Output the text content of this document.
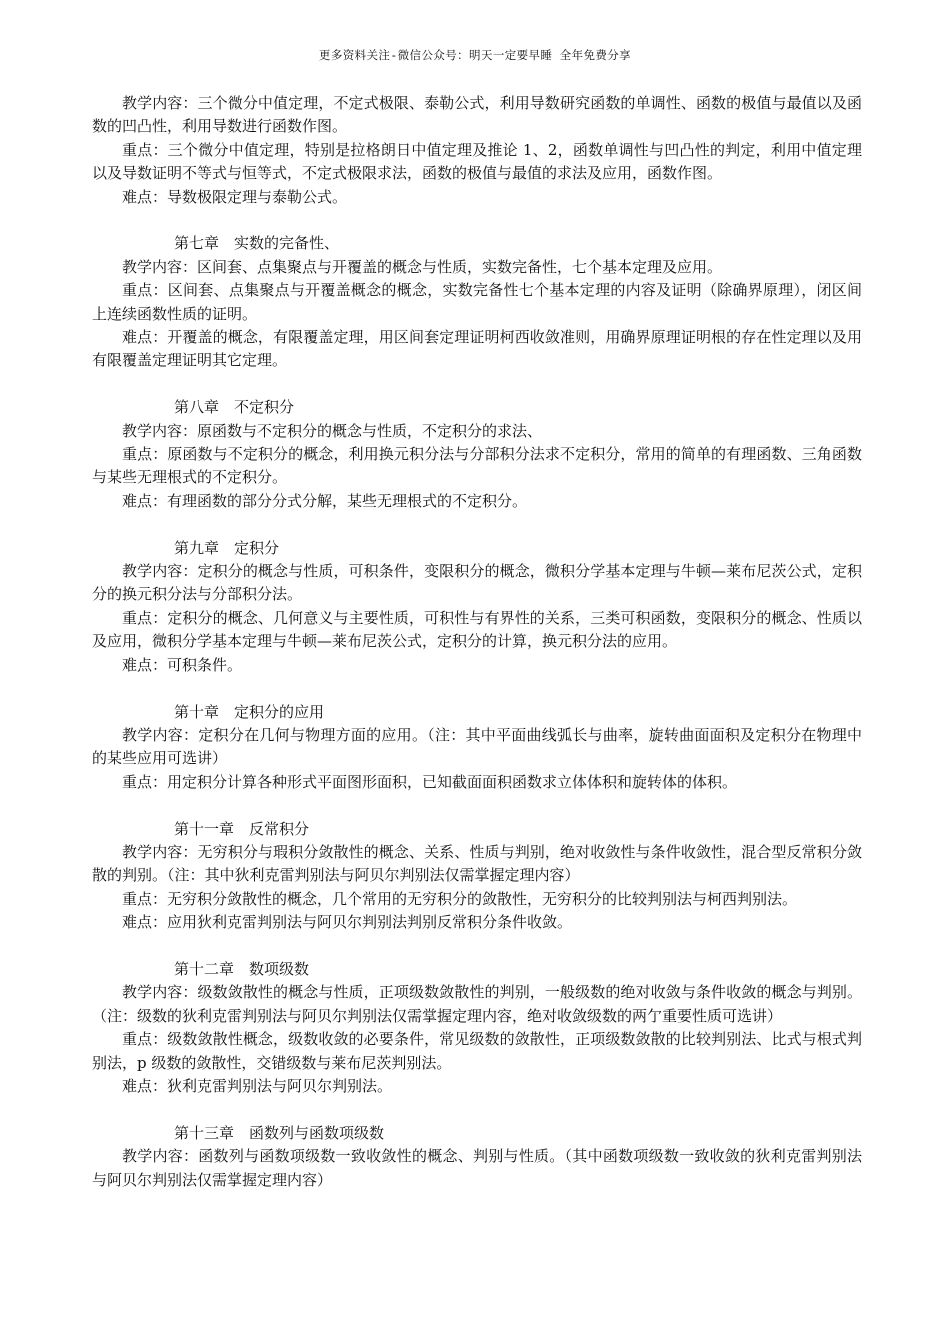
更多资料关注-微信公众号：明天一定要早睡 全年免费分享

教学内容：三个微分中值定理，不定式极限、泰勒公式，利用导数研究函数的单调性、函数的极值与最值以及函数的凹凸性，利用导数进行函数作图。

重点：三个微分中值定理，特别是拉格朗日中值定理及推论 1、2，函数单调性与凹凸性的判定，利用中值定理以及导数证明不等式与恒等式，不定式极限求法，函数的极值与最值的求法及应用，函数作图。

难点：导数极限定理与泰勒公式。

第七章 实数的完备性、

教学内容：区间套、点集聚点与开覆盖的概念与性质，实数完备性，七个基本定理及应用。

重点：区间套、点集聚点与开覆盖概念的概念，实数完备性七个基本定理的内容及证明（除确界原理），闭区间上连续函数性质的证明。

难点：开覆盖的概念，有限覆盖定理，用区间套定理证明柯西收敛准则，用确界原理证明根的存在性定理以及用有限覆盖定理证明其它定理。

第八章 不定积分

教学内容：原函数与不定积分的概念与性质，不定积分的求法、

重点：原函数与不定积分的概念，利用换元积分法与分部积分法求不定积分，常用的简单的有理函数、三角函数与某些无理根式的不定积分。

难点：有理函数的部分分式分解，某些无理根式的不定积分。

第九章 定积分

教学内容：定积分的概念与性质，可积条件，变限积分的概念，微积分学基本定理与牛顿—莱布尼茨公式，定积分的换元积分法与分部积分法。

重点：定积分的概念、几何意义与主要性质，可积性与有界性的关系，三类可积函数，变限积分的概念、性质以及应用，微积分学基本定理与牛顿—莱布尼茨公式，定积分的计算，换元积分法的应用。

难点：可积条件。

第十章 定积分的应用

教学内容：定积分在几何与物理方面的应用。（注：其中平面曲线弧长与曲率，旋转曲面面积及定积分在物理中的某些应用可选讲）

重点：用定积分计算各种形式平面图形面积，已知截面面积函数求立体体积和旋转体的体积。

第十一章 反常积分

教学内容：无穷积分与瑕积分敛散性的概念、关系、性质与判别，绝对收敛性与条件收敛性，混合型反常积分敛散的判别。（注：其中狄利克雷判别法与阿贝尔判别法仅需掌握定理内容）

重点：无穷积分敛散性的概念，几个常用的无穷积分的敛散性，无穷积分的比较判别法与柯西判别法。

难点：应用狄利克雷判别法与阿贝尔判别法判别反常积分条件收敛。

第十二章 数项级数

教学内容：级数敛散性的概念与性质，正项级数敛散性的判别，一般级数的绝对收敛与条件收敛的概念与判别。（注：级数的狄利克雷判别法与阿贝尔判别法仅需掌握定理内容，绝对收敛级数的两亇重要性质可选讲）

重点：级数敛散性概念，级数收敛的必要条件，常见级数的敛散性，正项级数敛散的比较判别法、比式与根式判别法，p 级数的敛散性，交错级数与莱布尼茨判别法。

难点：狄利克雷判别法与阿贝尔判别法。

第十三章 函数列与函数项级数

教学内容：函数列与函数项级数一致收敛性的概念、判别与性质。（其中函数项级数一致收敛的狄利克雷判别法与阿贝尔判别法仅需掌握定理内容）
